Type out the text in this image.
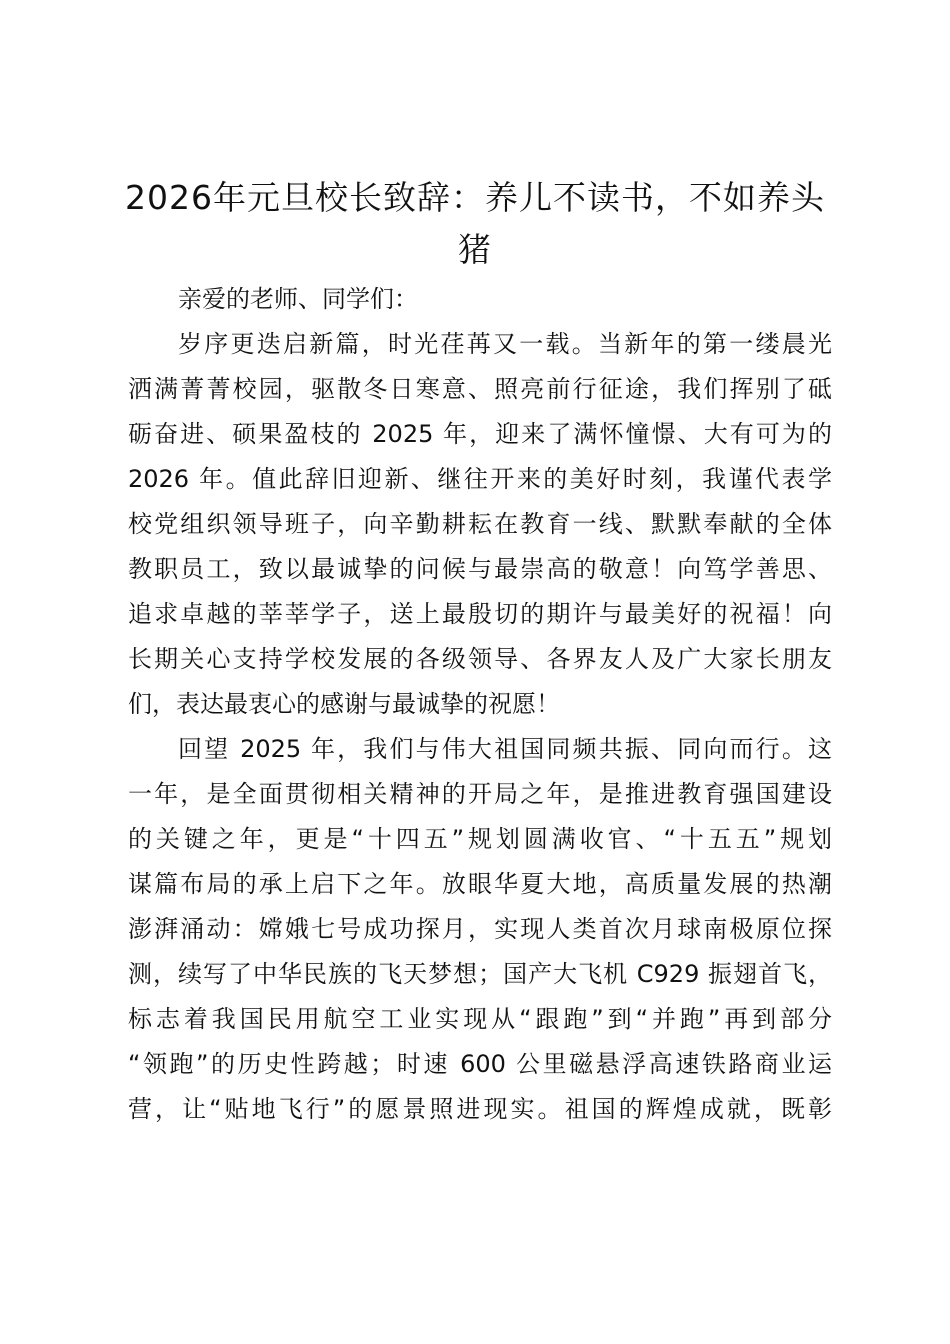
2026年元旦校长致辞：养儿不读书，不如养头猪
亲爱的老师、同学们：
岁序更迭启新篇，时光荏苒又一载。当新年的第一缕晨光
洒满菁菁校园，驱散冬日寒意、照亮前行征途，我们挥别了砥
砺奋进、硕果盈枝的 2025 年，迎来了满怀憧憬、大有可为的
2026 年。值此辞旧迎新、继往开来的美好时刻，我谨代表学
校党组织领导班子，向辛勤耕耘在教育一线、默默奉献的全体
教职员工，致以最诚挚的问候与最崇高的敬意！向笃学善思、
追求卓越的莘莘学子，送上最殷切的期许与最美好的祝福！向
长期关心支持学校发展的各级领导、各界友人及广大家长朋友
们，表达最衷心的感谢与最诚挚的祝愿！
回望 2025 年，我们与伟大祖国同频共振、同向而行。这
一年，是全面贯彻相关精神的开局之年，是推进教育强国建设
的关键之年，更是“十四五”规划圆满收官、“十五五”规划
谋篇布局的承上启下之年。放眼华夏大地，高质量发展的热潮
澎湃涌动：嫦娥七号成功探月，实现人类首次月球南极原位探
测，续写了中华民族的飞天梦想；国产大飞机 C929 振翅首飞，
标志着我国民用航空工业实现从“跟跑”到“并跑”再到部分
“领跑”的历史性跨越；时速 600 公里磁悬浮高速铁路商业运
营，让“贴地飞行”的愿景照进现实。祖国的辉煌成就，既彰
